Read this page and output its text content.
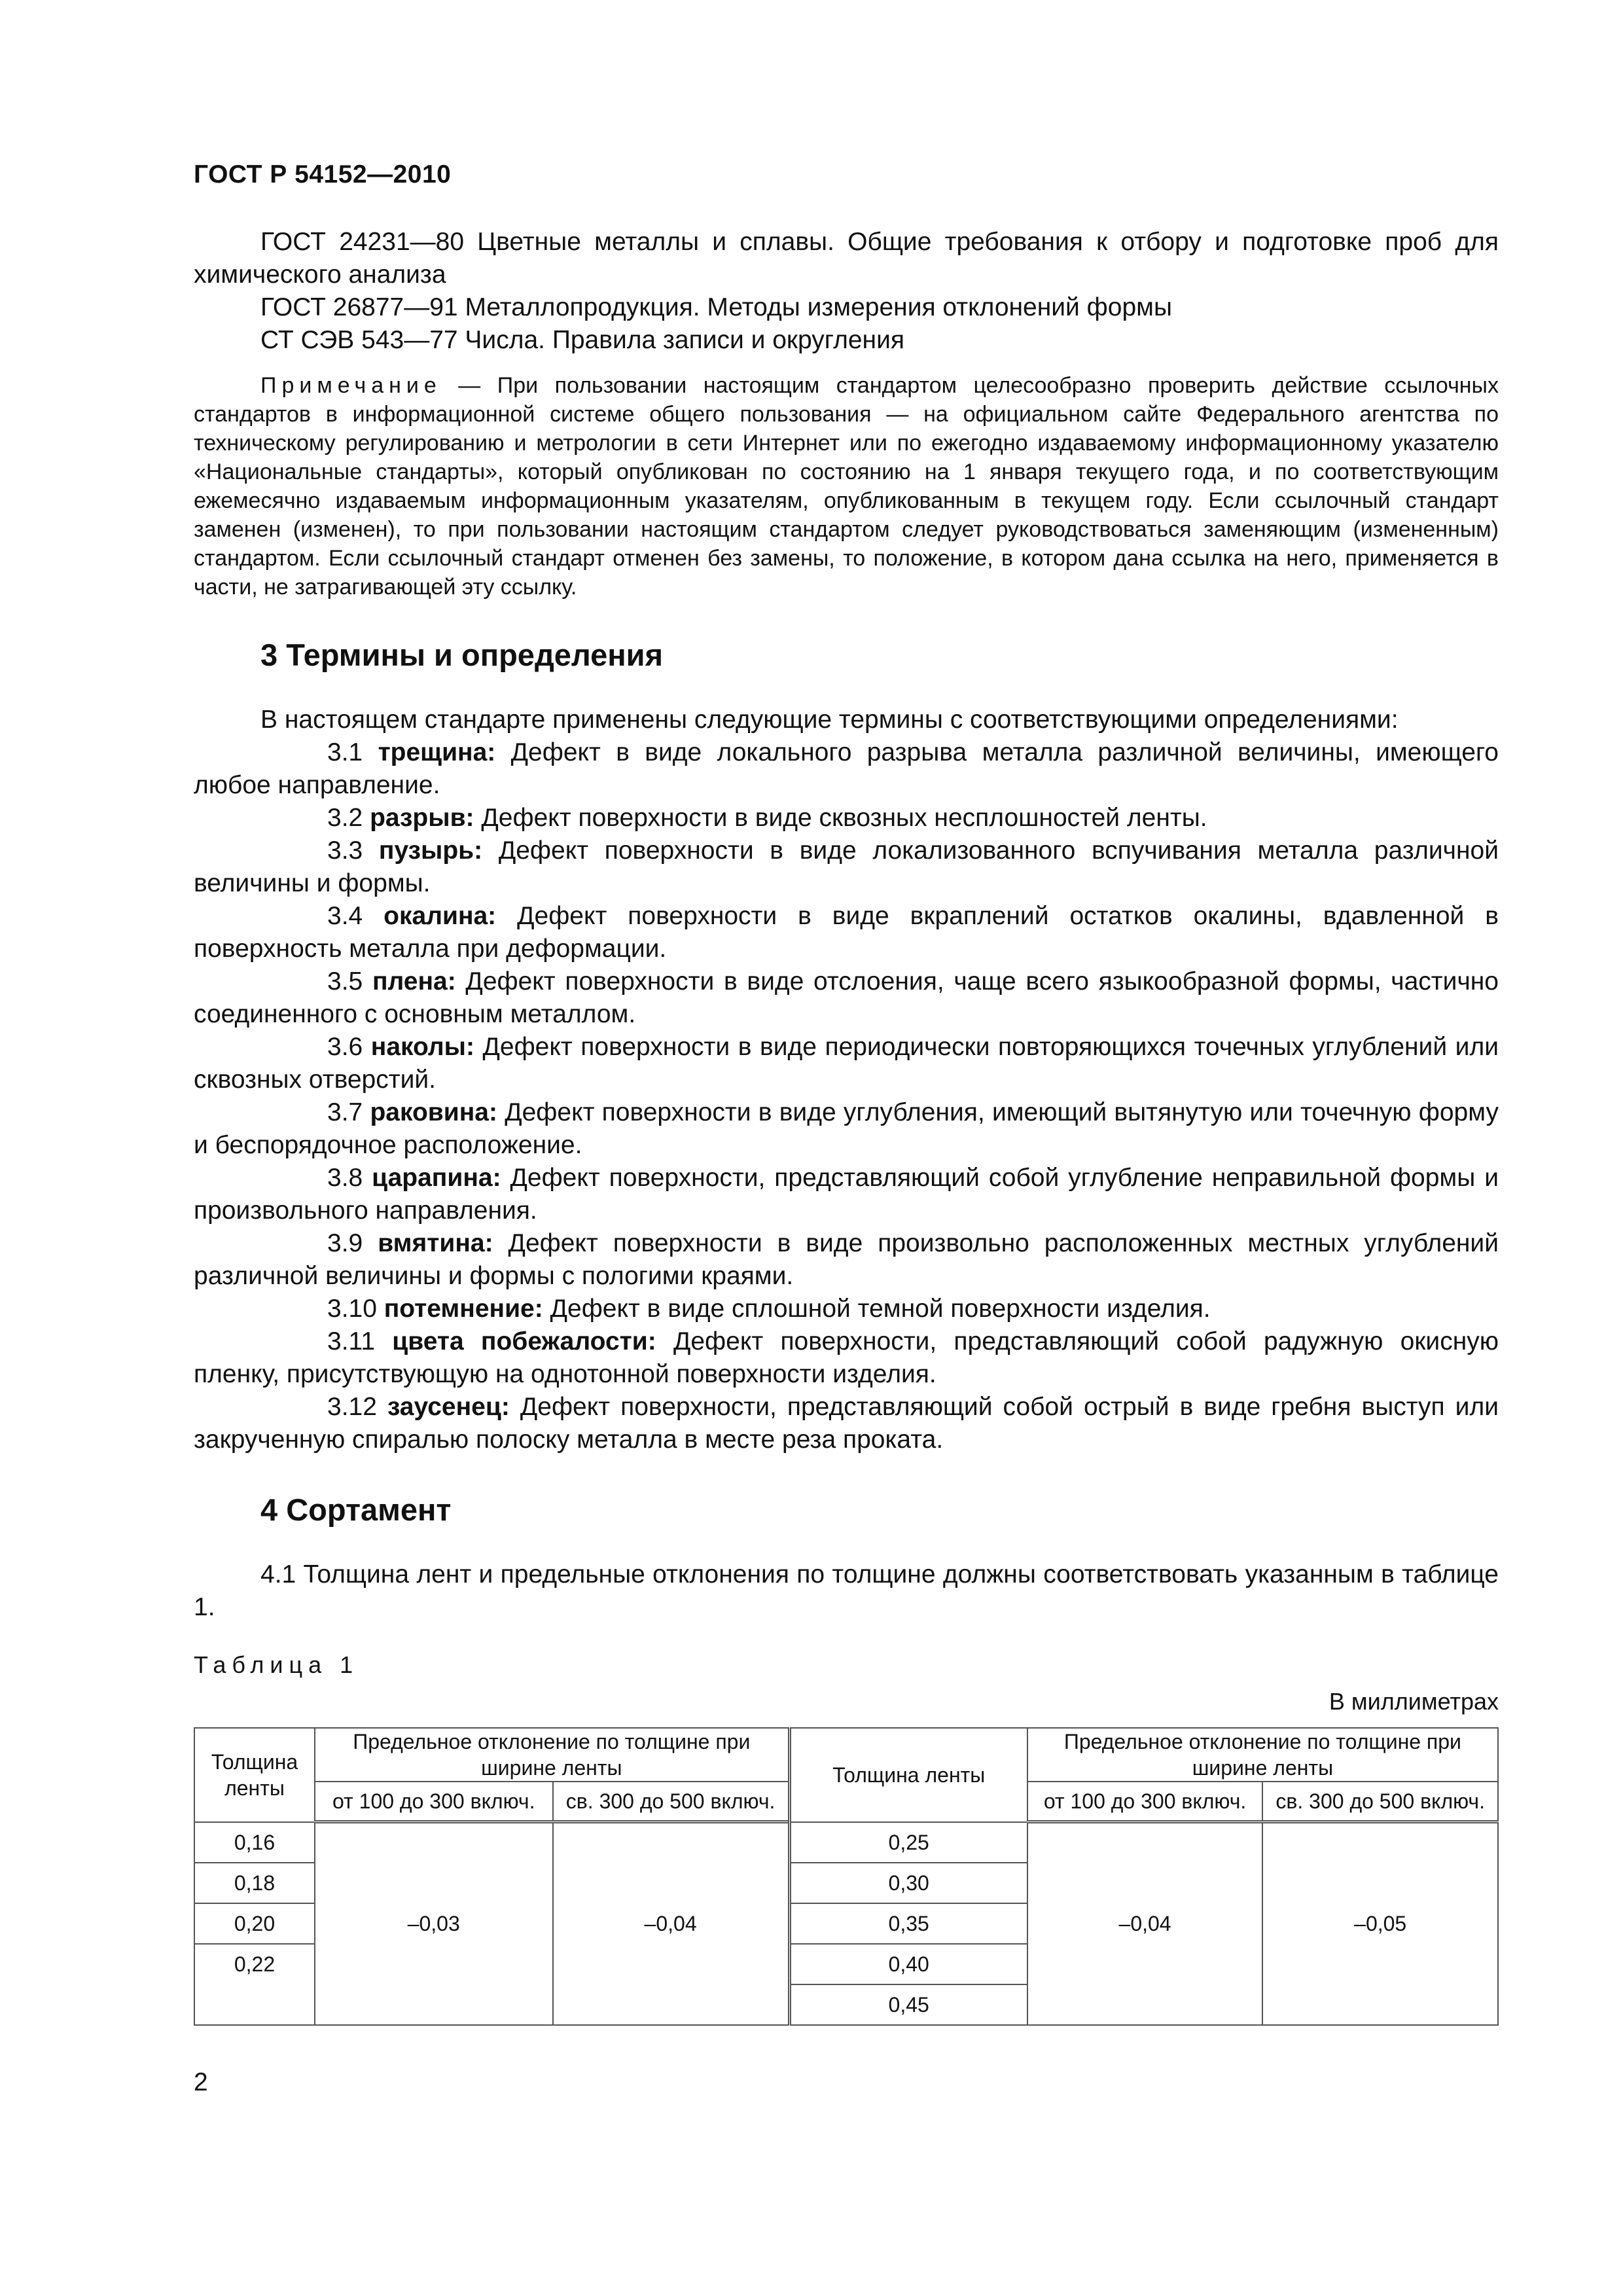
ГОСТ Р 54152—2010

ГОСТ 24231—80 Цветные металлы и сплавы. Общие требования к отбору и подготовке проб для химического анализа

ГОСТ 26877—91 Металлопродукция. Методы измерения отклонений формы

СТ СЭВ 543—77 Числа. Правила записи и округления

Примечание — При пользовании настоящим стандартом целесообразно проверить действие ссылочных стандартов в информационной системе общего пользования — на официальном сайте Федерального агентства по техническому регулированию и метрологии в сети Интернет или по ежегодно издаваемому информационному указателю «Национальные стандарты», который опубликован по состоянию на 1 января текущего года, и по соответствующим ежемесячно издаваемым информационным указателям, опубликованным в текущем году. Если ссылочный стандарт заменен (изменен), то при пользовании настоящим стандартом следует руководствоваться заменяющим (измененным) стандартом. Если ссылочный стандарт отменен без замены, то положение, в котором дана ссылка на него, применяется в части, не затрагивающей эту ссылку.
3 Термины и определения

В настоящем стандарте применены следующие термины с соответствующими определениями:

3.1 трещина: Дефект в виде локального разрыва металла различной величины, имеющего любое направление.

3.2 разрыв: Дефект поверхности в виде сквозных несплошностей ленты.

3.3 пузырь: Дефект поверхности в виде локализованного вспучивания металла различной величины и формы.

3.4 окалина: Дефект поверхности в виде вкраплений остатков окалины, вдавленной в поверхность металла при деформации.

3.5 плена: Дефект поверхности в виде отслоения, чаще всего языкообразной формы, частично соединенного с основным металлом.

3.6 наколы: Дефект поверхности в виде периодически повторяющихся точечных углублений или сквозных отверстий.

3.7 раковина: Дефект поверхности в виде углубления, имеющий вытянутую или точечную форму и беспорядочное расположение.

3.8 царапина: Дефект поверхности, представляющий собой углубление неправильной формы и произвольного направления.

3.9 вмятина: Дефект поверхности в виде произвольно расположенных местных углублений различной величины и формы с пологими краями.

3.10 потемнение: Дефект в виде сплошной темной поверхности изделия.

3.11 цвета побежалости: Дефект поверхности, представляющий собой радужную окисную пленку, присутствующую на однотонной поверхности изделия.

3.12 заусенец: Дефект поверхности, представляющий собой острый в виде гребня выступ или закрученную спиралью полоску металла в месте реза проката.

4 Сортамент

4.1 Толщина лент и предельные отклонения по толщине должны соответствовать указанным в таблице 1.

Таблица 1
В миллиметрах
Толщина ленты	Предельное отклонение по толщине при ширине ленты		Толщина ленты	Предельное отклонение по толщине при ширине ленты	
	от 100 до 300 включ.	св. 300 до 500 включ.		от 100 до 300 включ.	св. 300 до 500 включ.
0,16	–0,03	–0,04	0,25	–0,04	–0,05
0,18			0,30		
0,20			0,35		
0,22			0,40		
			0,45		
2
